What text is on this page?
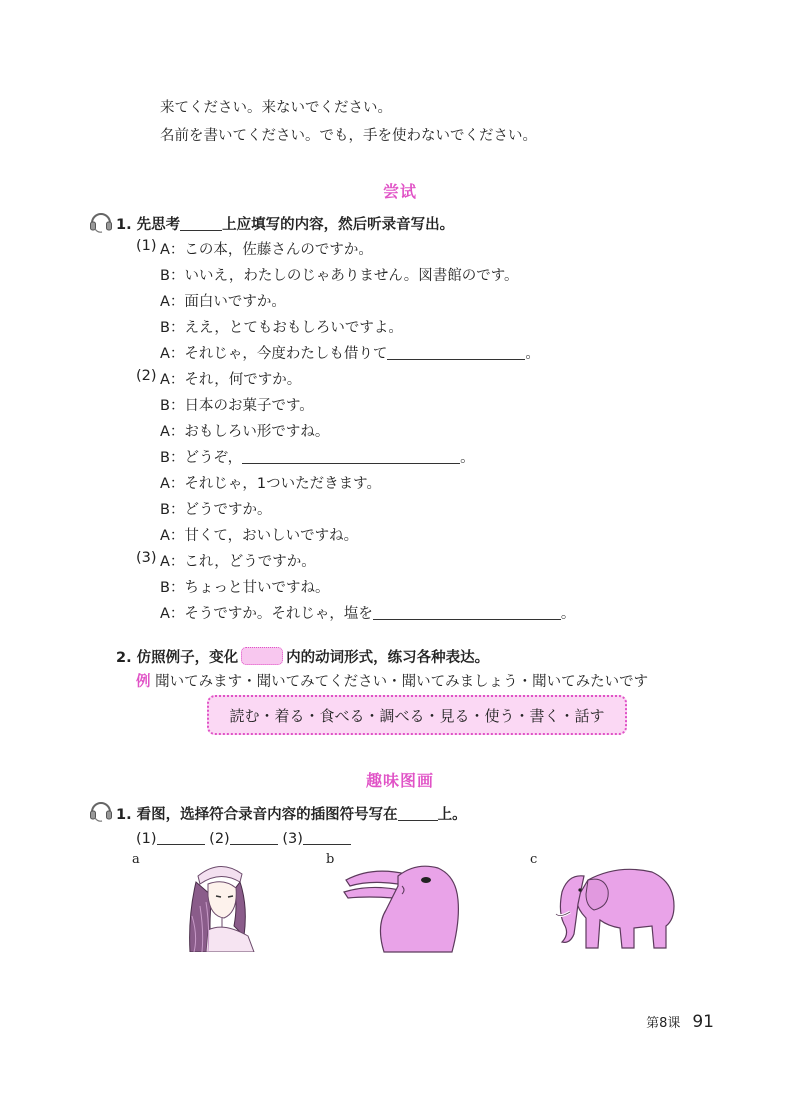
来てください。来ないでください。
名前を書いてください。でも，手を使わないでください。
尝试
1. 先思考	上应填写的内容，然后听录音写出。
(1) A：この本，佐藤さんのですか。
B：いいえ，わたしのじゃありません。図書館のです。
A：面白いですか。
B：ええ，とてもおもしろいですよ。
A：それじゃ，今度わたしも借りて	。
(2) A：それ，何ですか。
B：日本のお菓子です。
A：おもしろい形ですね。
B：どうぞ，	。
A：それじゃ，1ついただきます。
B：どうですか。
A：甘くて，おいしいですね。
(3) A：これ，どうですか。
B：ちょっと甘いですね。
A：そうですか。それじゃ，塩を	。
2. 仿照例子，变化	内的动词形式，练习各种表达。
例 聞いてみます・聞いてみてください・聞いてみましょう・聞いてみたいです
読む・着る・食べる・調べる・見る・使う・書く・話す
趣味图画
1. 看图，选择符合录音内容的插图符号写在	上。
(1)	(2)	(3)
a	b	c
第8课 91
